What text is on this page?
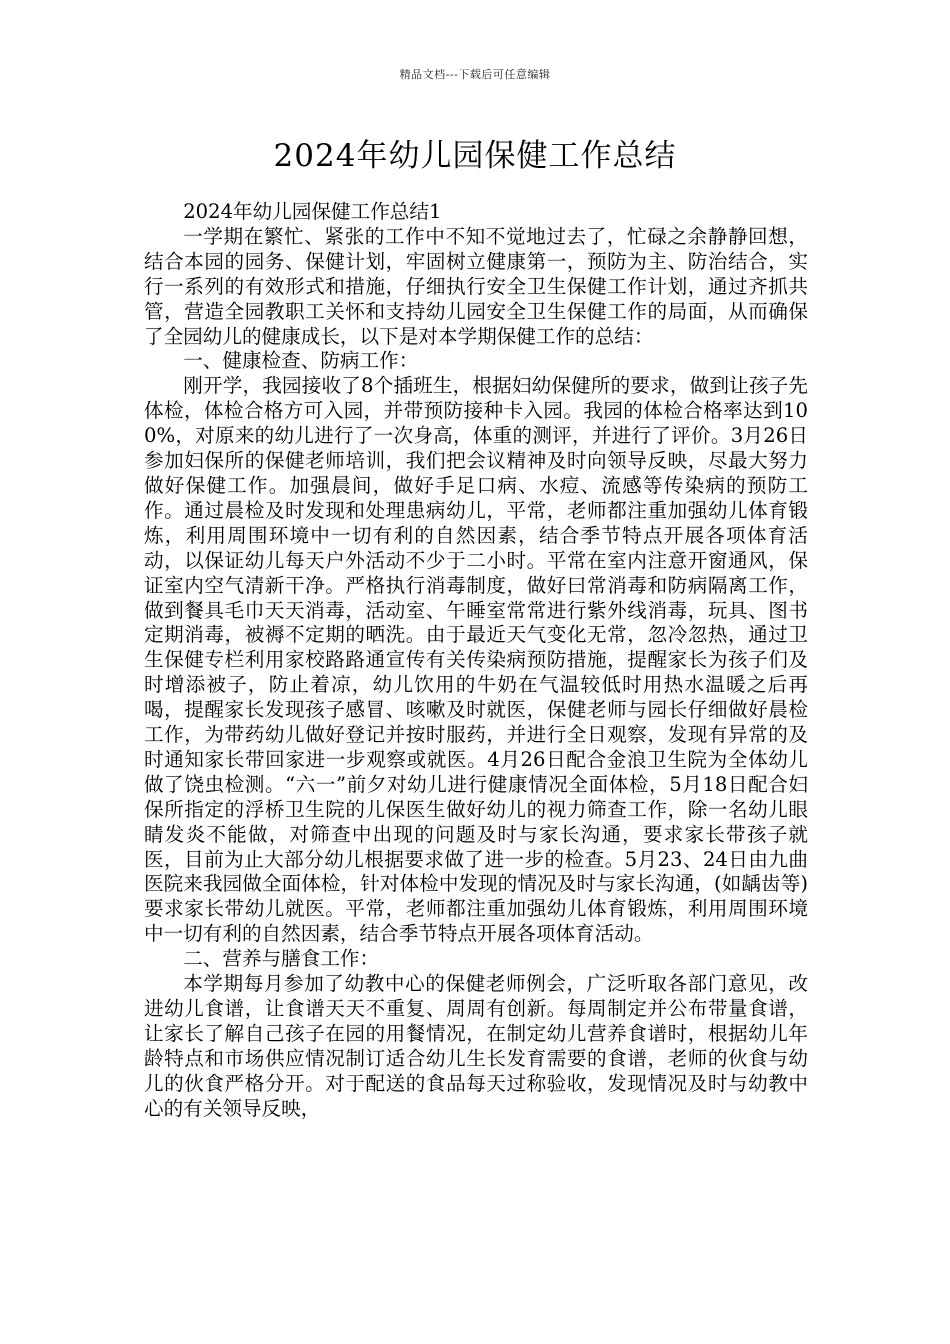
精品文档---下载后可任意编辑
2024年幼儿园保健工作总结

2024年幼儿园保健工作总结1

一学期在繁忙、紧张的工作中不知不觉地过去了，忙碌之余静静回想，结合本园的园务、保健计划，牢固树立健康第一，预防为主、防治结合，实行一系列的有效形式和措施，仔细执行安全卫生保健工作计划，通过齐抓共管，营造全园教职工关怀和支持幼儿园安全卫生保健工作的局面，从而确保了全园幼儿的健康成长，以下是对本学期保健工作的总结：

一、健康检查、防病工作：

刚开学，我园接收了8个插班生，根据妇幼保健所的要求，做到让孩子先体检，体检合格方可入园，并带预防接种卡入园。我园的体检合格率达到100%，对原来的幼儿进行了一次身高，体重的测评，并进行了评价。3月26日参加妇保所的保健老师培训，我们把会议精神及时向领导反映，尽最大努力做好保健工作。加强晨间，做好手足口病、水痘、流感等传染病的预防工作。通过晨检及时发现和处理患病幼儿，平常，老师都注重加强幼儿体育锻炼，利用周围环境中一切有利的自然因素，结合季节特点开展各项体育活动，以保证幼儿每天户外活动不少于二小时。平常在室内注意开窗通风，保证室内空气清新干净。严格执行消毒制度，做好曰常消毒和防病隔离工作，做到餐具毛巾天天消毒，活动室、午睡室常常进行紫外线消毒，玩具、图书定期消毒，被褥不定期的晒洗。由于最近天气变化无常，忽冷忽热，通过卫生保健专栏利用家校路路通宣传有关传染病预防措施，提醒家长为孩子们及时增添被子，防止着凉，幼儿饮用的牛奶在气温较低时用热水温暖之后再喝，提醒家长发现孩子感冒、咳嗽及时就医，保健老师与园长仔细做好晨检工作，为带药幼儿做好登记并按时服药，并进行全日观察，发现有异常的及时通知家长带回家进一步观察或就医。4月26日配合金浪卫生院为全体幼儿做了饶虫检测。“六一”前夕对幼儿进行健康情况全面体检，5月18日配合妇保所指定的浮桥卫生院的儿保医生做好幼儿的视力筛查工作，除一名幼儿眼睛发炎不能做，对筛查中出现的问题及时与家长沟通，要求家长带孩子就医，目前为止大部分幼儿根据要求做了进一步的检查。5月23、24日由九曲医院来我园做全面体检，针对体检中发现的情况及时与家长沟通，(如龋齿等)要求家长带幼儿就医。平常，老师都注重加强幼儿体育锻炼，利用周围环境中一切有利的自然因素，结合季节特点开展各项体育活动。

二、营养与膳食工作：

本学期每月参加了幼教中心的保健老师例会，广泛听取各部门意见，改进幼儿食谱，让食谱天天不重复、周周有创新。每周制定并公布带量食谱，让家长了解自己孩子在园的用餐情况，在制定幼儿营养食谱时，根据幼儿年龄特点和市场供应情况制订适合幼儿生长发育需要的食谱，老师的伙食与幼儿的伙食严格分开。对于配送的食品每天过称验收，发现情况及时与幼教中心的有关领导反映，
